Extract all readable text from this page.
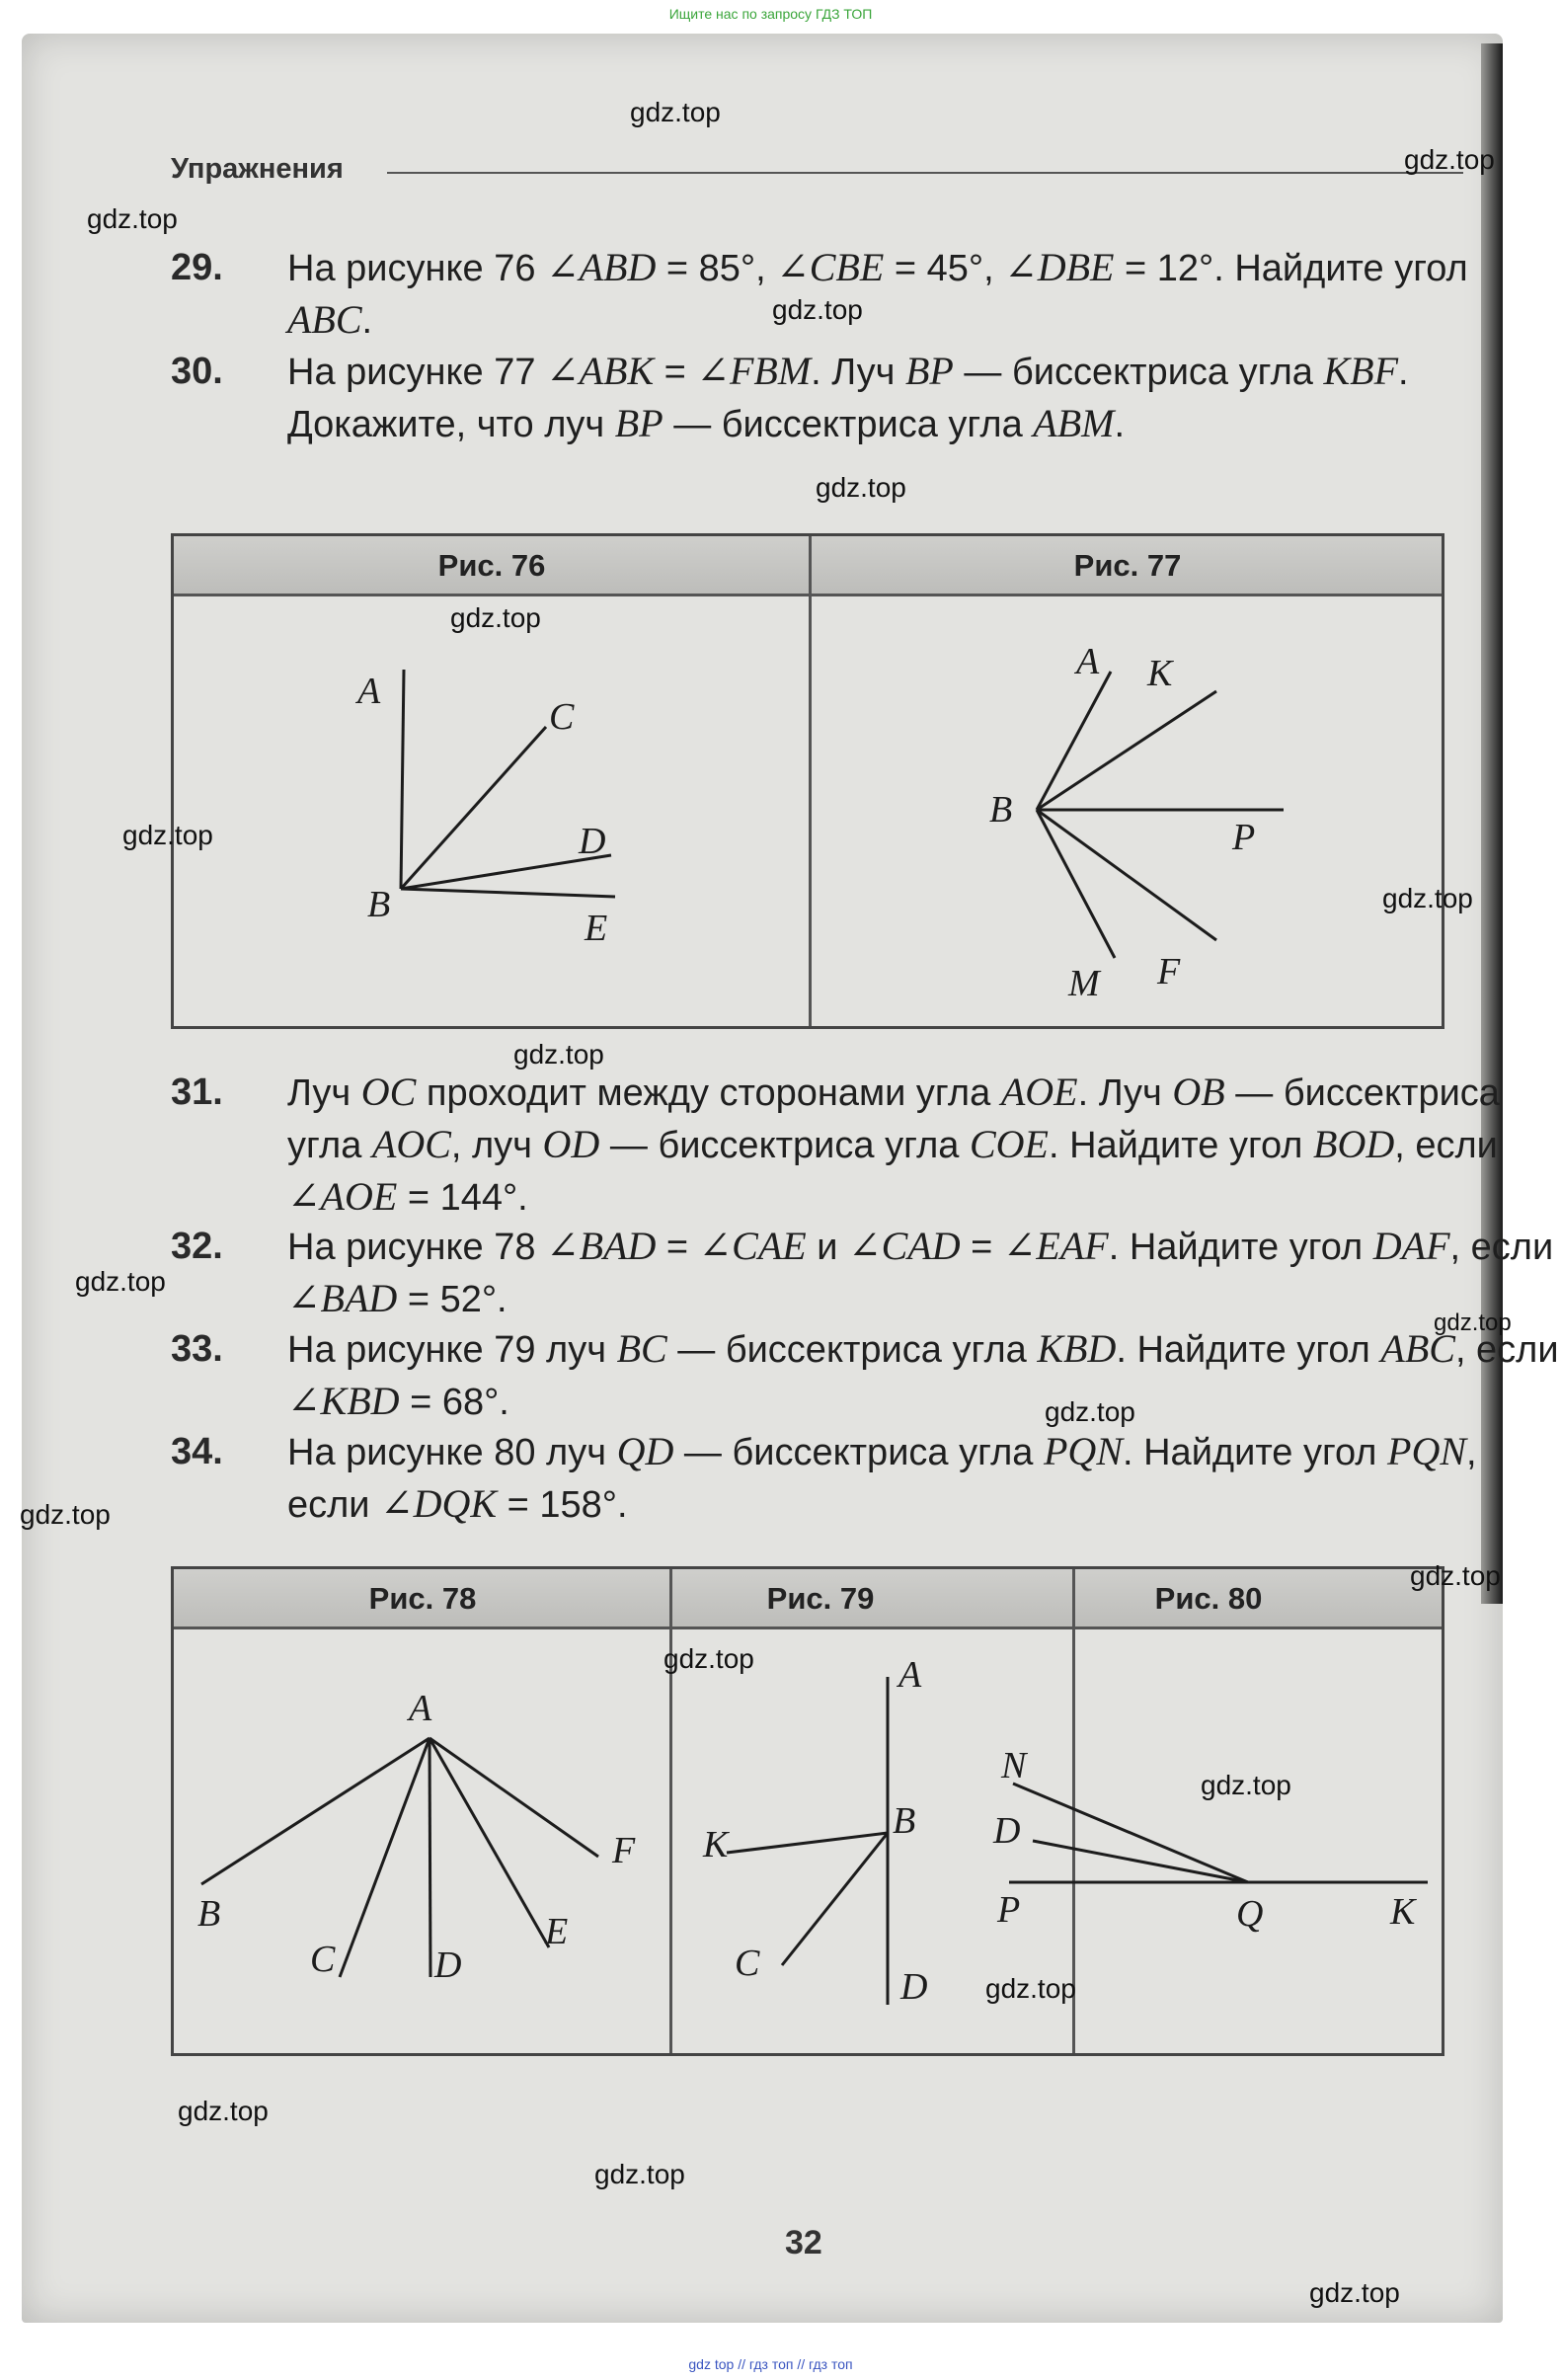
Ищите нас по запросу ГДЗ ТОП
Упражнения
29. На рисунке 76 ∠ABD = 85°, ∠CBE = 45°, ∠DBE = 12°. Найдите угол ABC.
30. На рисунке 77 ∠ABK = ∠FBM. Луч BP — биссектриса угла KBF. Докажите, что луч BP — биссектриса угла ABM.
Рис. 76	Рис. 77
A
C
D
B
E
A K
B
P
M F
31. Луч OC проходит между сторонами угла AOE. Луч OB — биссектриса угла AOC, луч OD — биссектриса угла COE. Найдите угол BOD, если ∠AOE = 144°.
32. На рисунке 78 ∠BAD = ∠CAE и ∠CAD = ∠EAF. Найдите угол DAF, если ∠BAD = 52°.
33. На рисунке 79 луч BC — биссектриса угла KBD. Найдите угол ABC, если ∠KBD = 68°.
34. На рисунке 80 луч QD — биссектриса угла PQN. Найдите угол PQN, если ∠DQK = 158°.
Рис. 78	Рис. 79	Рис. 80
A
B
C	D
E
F
A
B
K
C
D
N
D
P	Q	K
gdz.top
gdz.top
gdz.top
gdz.top
gdz.top
gdz.top
gdz.top
gdz.top
gdz.top
gdz.top
gdz.top
gdz.top
gdz.top
gdz.top
gdz.top
gdz.top
gdz.top
gdz.top
gdz.top
gdz.top
32
gdz top // гдз топ // гдз топ
